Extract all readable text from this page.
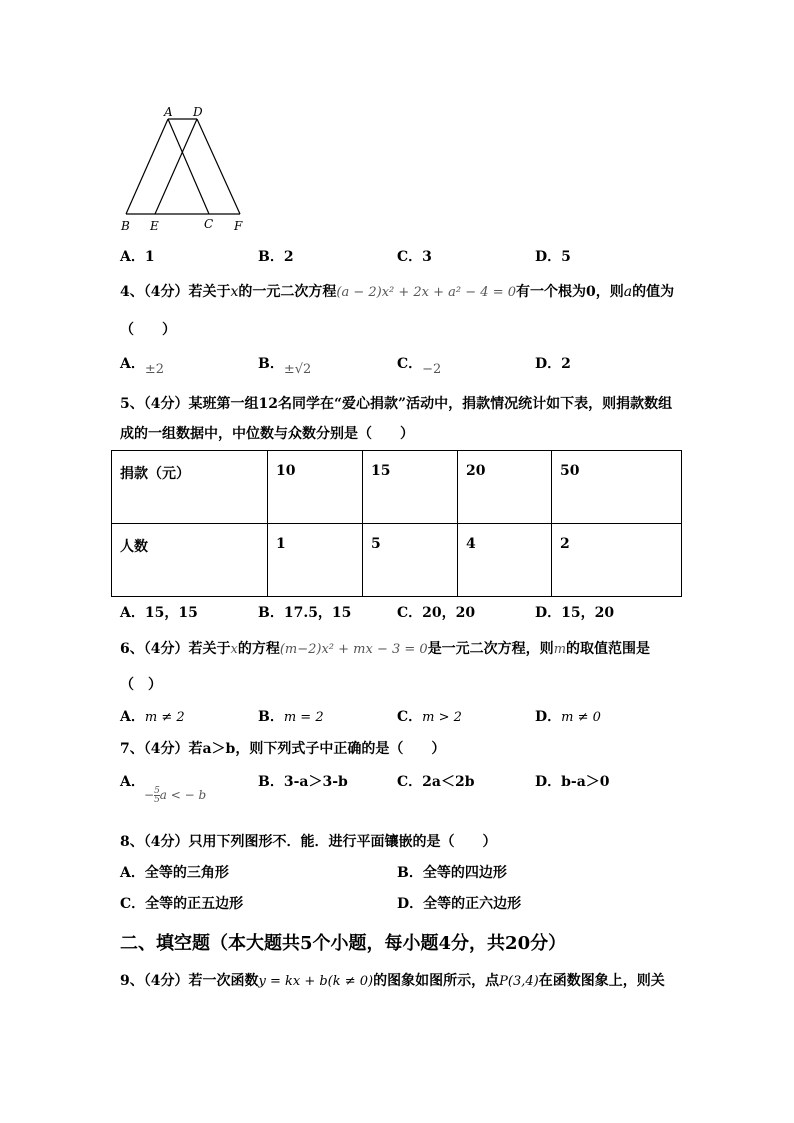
A D
B E	C F
A．1	B．2	C．3	D．5
4、（4分）若关于x的一元二次方程(a − 2)x² + 2x + a² − 4 = 0有一个根为0，则a的值为
（　　）
A．±2	B．±√2	C．−2	D．2
5、（4分）某班第一组12名同学在“爱心捐款”活动中，捐款情况统计如下表，则捐款数组
成的一组数据中，中位数与众数分别是（　　）
捐款（元）	10	15	20	50
人数	1	5	4	2
A．15，15	B．17.5，15	C．20，20	D．15，20
6、（4分）若关于x的方程(m−2)x² + mx − 3 = 0是一元二次方程，则m的取值范围是
（　）
A．m ≠ 2	B．m = 2	C．m > 2	D．m ≠ 0
7、（4分）若a＞b，则下列式子中正确的是（　　）
A．
− $\frac{5}{5}$ a < − b
B．3-a＞3-b	C．2a＜2b	D．b-a＞0
8、（4分）只用下列图形不．能．进行平面镶嵌的是（　　）
A．全等的三角形	B．全等的四边形
C．全等的正五边形	D．全等的正六边形
二、填空题（本大题共5个小题，每小题4分，共20分）
9、（4分）若一次函数y = kx + b(k ≠ 0)的图象如图所示，点P(3,4)在函数图象上，则关
